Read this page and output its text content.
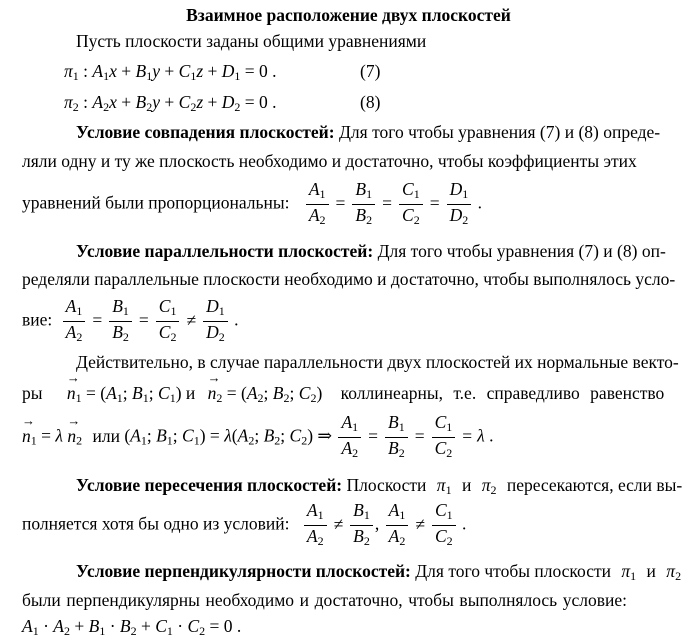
Взаимное расположение двух плоскостей
Пусть плоскости заданы общими уравнениями
π1 : A1x + B1y + C1z + D1 = 0 .	(7)
π2 : A2x + B2y + C2z + D2 = 0 .	(8)
Условие совпадения плоскостей: Для того чтобы уравнения (7) и (8) опреде-
ляли одну и ту же плоскость необходимо и достаточно, чтобы коэффициенты этих
уравнений были пропорциональны: $\frac{A1}{A2} = \frac{B1}{B2} = \frac{C1}{C2} = \frac{D1}{D2}$ .
Условие параллельности плоскостей: Для того чтобы уравнения (7) и (8) оп-
ределяли параллельные плоскости необходимо и достаточно, чтобы выполнялось усло-
вие: $\frac{A1}{A2} = \frac{B1}{B2} = \frac{C1}{C2} \ne \frac{D1}{D2}$ .
Действительно, в случае параллельности двух плоскостей их нормальные векто-
ры → n1 = (A1; B1; C1) и → n2 = (A2; B2; C2) коллинеарны, т.е. справедливо равенство
→ n1 = λ → n2 или (A1; B1; C1) = λ(A2; B2; C2) ⇒ $\frac{A1}{A2} = \frac{B1}{B2} = \frac{C1}{C2} = \lambda$ .
Условие пересечения плоскостей: Плоскости π1 и π2 пересекаются, если вы-
полняется хотя бы одно из условий: $\frac{A1}{A2} \ne \frac{B1}{B2}$ , $\frac{A1}{A2} \ne \frac{C1}{C2}$ .
Условие перпендикулярности плоскостей: Для того чтобы плоскости π1 и π2
были перпендикулярны необходимо и достаточно, чтобы выполнялось условие:
A1 · A2 + B1 · B2 + C1 · C2 = 0 .
